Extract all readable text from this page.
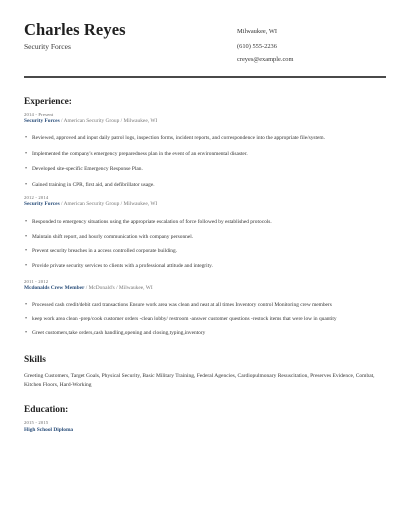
Charles Reyes
Security Forces
Milwaukee, WI
(610) 555-2236
creyes@example.com
Experience:
2014 - Present
Security Forces / American Security Group / Milwaukee, WI
• Reviewed, approved and input daily patrol logs, inspection forms, incident reports, and correspondence into the appropriate file/system.
• Implemented the company's emergency preparedness plan in the event of an environmental disaster.
• Developed site-specific Emergency Response Plan.
• Gained training in CPR, first aid, and defibrillator usage.
2012 - 2014
Security Forces / American Security Group / Milwaukee, WI
• Responded to emergency situations using the appropriate escalation of force followed by established protocols.
• Maintain shift report, and hourly communication with company personnel.
• Prevent security breaches in a access controlled corporate building.
• Provide private security services to clients with a professional attitude and integrity.
2011 - 2012
Mcdonalds Crew Member / McDonald's / Milwaukee, WI
• Processed cash credit/debit card transactions Ensure work area was clean and neat at all times Inventory control Monitoring crew members
• keep work area clean -prep/cook customer orders -clean lobby/ restroom -answer customer questions -restock items that were low in quantity
• Greet customers,take orders,cash handling,opening and closing,typing,inventory
Skills
Greeting Customers, Target Goals, Physical Security, Basic Military Training, Federal Agencies, Cardiopulmonary Resuscitation, Preserves Evidence, Combat, Kitchen Floors, Hard-Working
Education:
2015 - 2015
High School Diploma
